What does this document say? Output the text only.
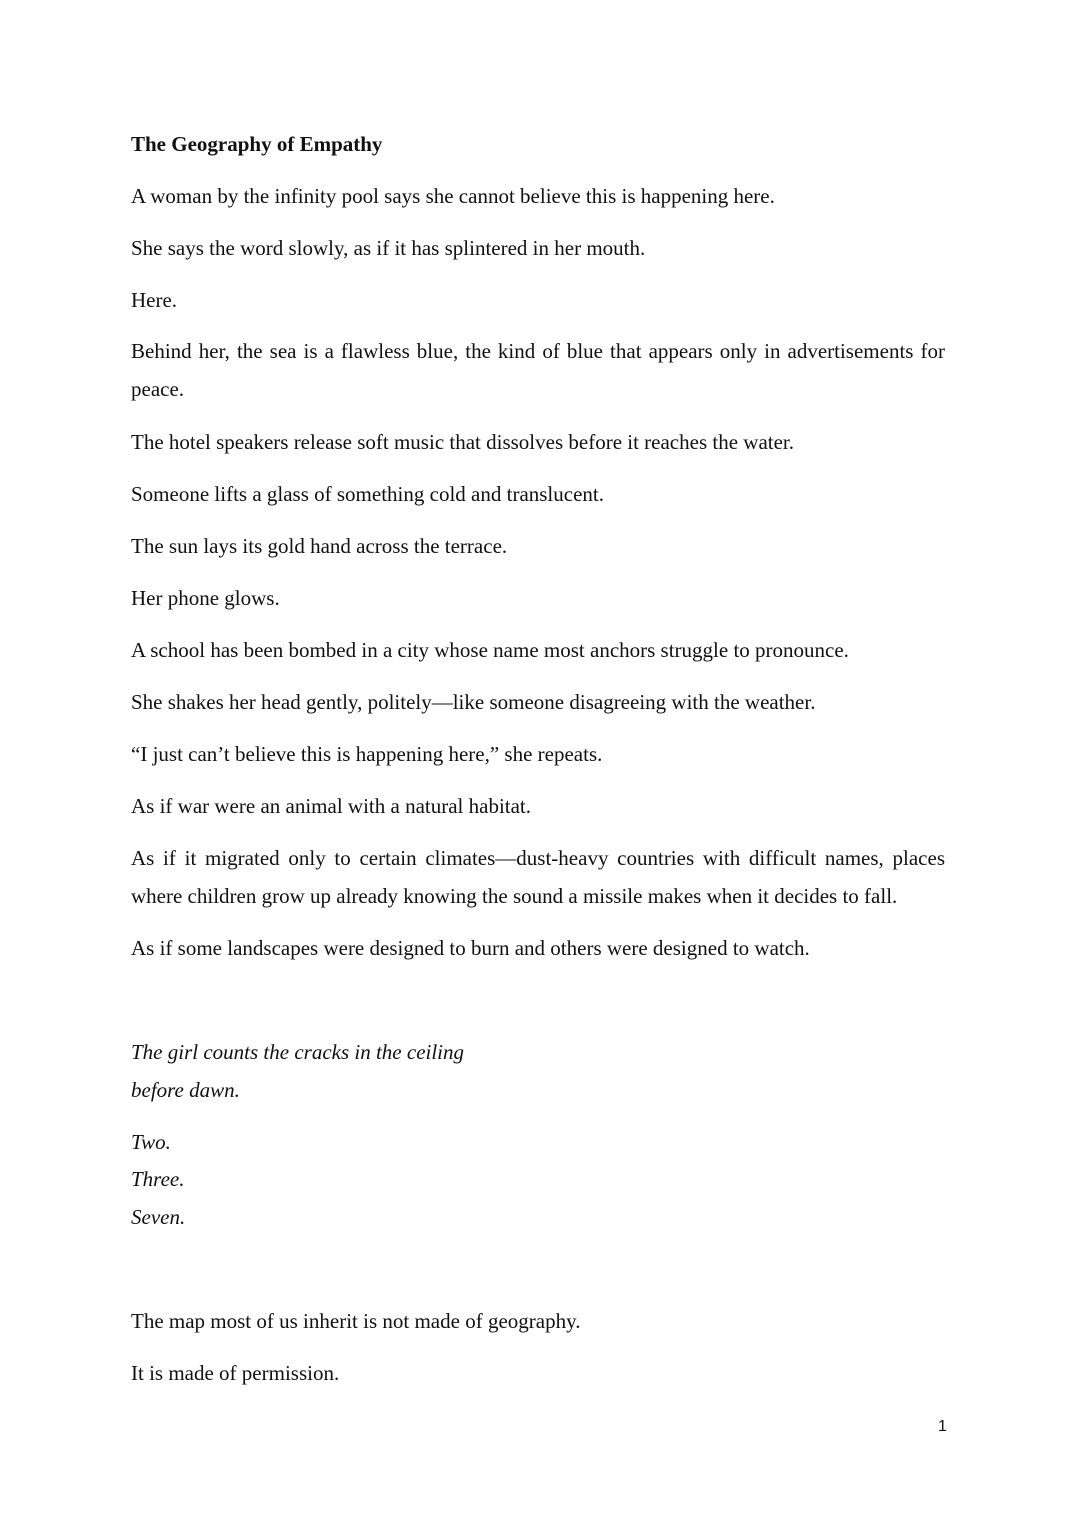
The Geography of Empathy

A woman by the infinity pool says she cannot believe this is happening here.

She says the word slowly, as if it has splintered in her mouth.

Here.

Behind her, the sea is a flawless blue, the kind of blue that appears only in advertisements for peace.

The hotel speakers release soft music that dissolves before it reaches the water.

Someone lifts a glass of something cold and translucent.

The sun lays its gold hand across the terrace.

Her phone glows.

A school has been bombed in a city whose name most anchors struggle to pronounce.

She shakes her head gently, politely—like someone disagreeing with the weather.

“I just can’t believe this is happening here,” she repeats.

As if war were an animal with a natural habitat.

As if it migrated only to certain climates—dust-heavy countries with difficult names, places where children grow up already knowing the sound a missile makes when it decides to fall.

As if some landscapes were designed to burn and others were designed to watch.

The girl counts the cracks in the ceiling

before dawn.

Two.

Three.

Seven.

The map most of us inherit is not made of geography.

It is made of permission.

1
